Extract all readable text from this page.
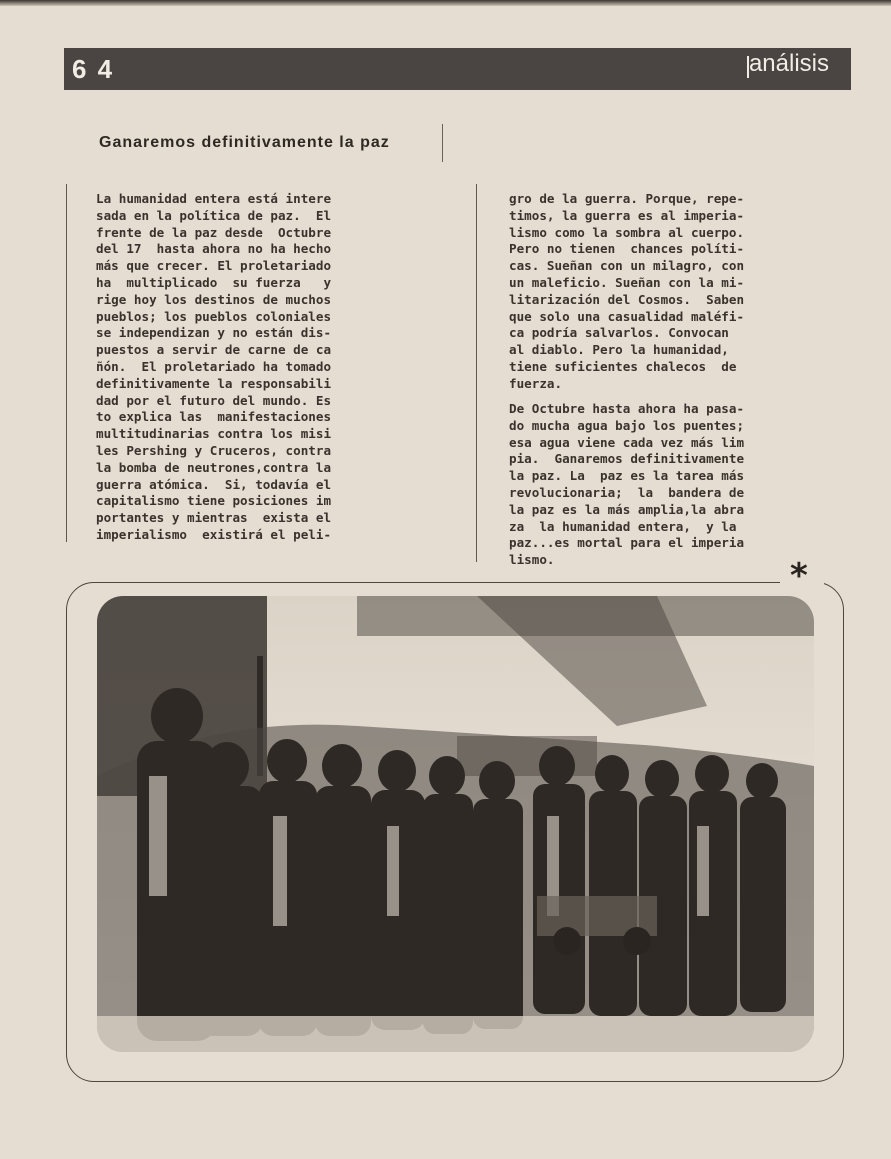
6 4	análisis
Ganaremos definitivamente la paz
La humanidad entera está intere
sada en la política de paz.  El
frente de la paz desde  Octubre
del 17  hasta ahora no ha hecho
más que crecer. El proletariado
ha  multiplicado  su fuerza   y
rige hoy los destinos de muchos
pueblos; los pueblos coloniales
se independizan y no están dis-
puestos a servir de carne de ca
ñón.  El proletariado ha tomado
definitivamente la responsabili
dad por el futuro del mundo. Es
to explica las  manifestaciones
multitudinarias contra los misi
les Pershing y Cruceros, contra
la bomba de neutrones,contra la
guerra atómica.  Si, todavía el
capitalismo tiene posiciones im
portantes y mientras  exista el
imperialismo  existirá el peli-
gro de la guerra. Porque, repe-
timos, la guerra es al imperia-
lismo como la sombra al cuerpo.
Pero no tienen  chances políti-
cas. Sueñan con un milagro, con
un maleficio. Sueñan con la mi-
litarización del Cosmos.  Saben
que solo una casualidad maléfi-
ca podría salvarlos. Convocan
al diablo. Pero la humanidad,
tiene suficientes chalecos  de
fuerza.
De Octubre hasta ahora ha pasa-
do mucha agua bajo los puentes;
esa agua viene cada vez más lim
pia.  Ganaremos definitivamente
la paz. La  paz es la tarea más
revolucionaria;  la  bandera de
la paz es la más amplia,la abra
za  la humanidad entera,  y la
paz...es mortal para el imperia
lismo.	*
